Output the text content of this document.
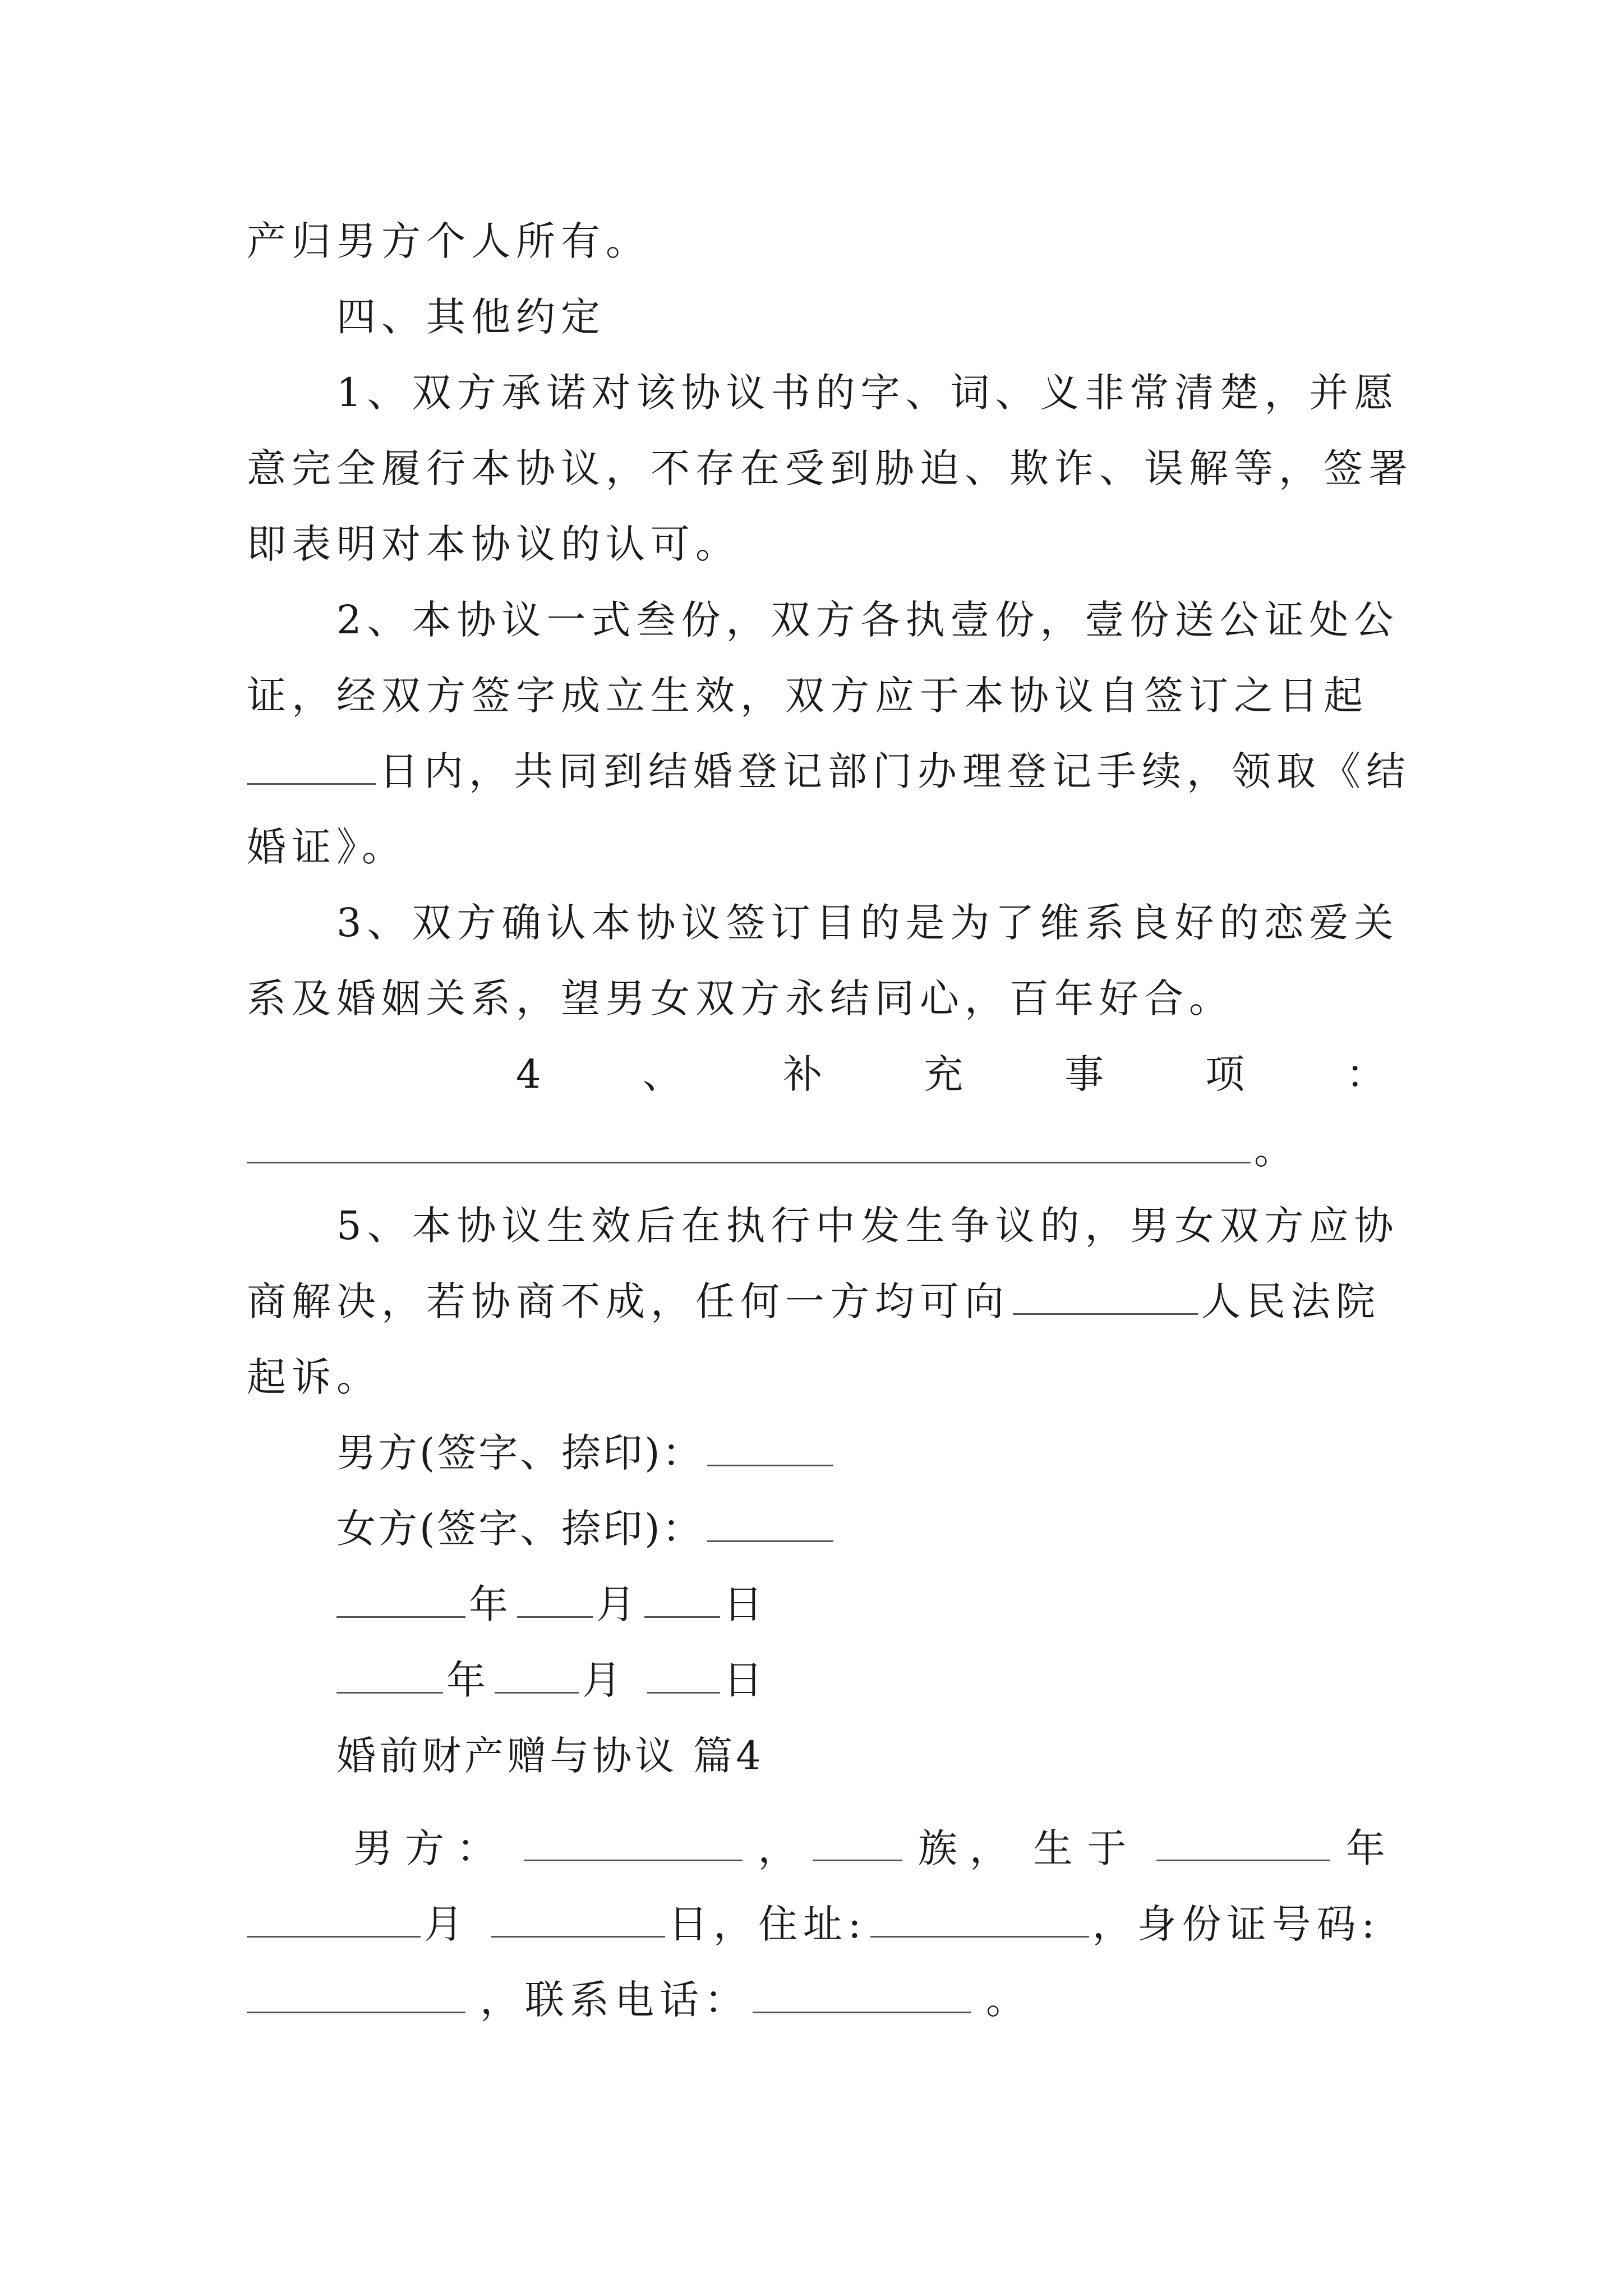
产归男方个人所有。
四、其他约定
1、双方承诺对该协议书的字、词、义非常清楚，并愿
意完全履行本协议，不存在受到胁迫、欺诈、误解等，签署
即表明对本协议的认可。
2、本协议一式叁份，双方各执壹份，壹份送公证处公
证，经双方签字成立生效，双方应于本协议自签订之日起
日内，共同到结婚登记部门办理登记手续，领取《结
婚证》。
3、双方确认本协议签订目的是为了维系良好的恋爱关
系及婚姻关系，望男女双方永结同心，百年好合。
4	、	补	充	事	项	：
。
5、本协议生效后在执行中发生争议的，男女双方应协
商解决，若协商不成，任何一方均可向	人民法院
起诉。
男方(签字、捺印)：
女方(签字、捺印)：
年 月 日
年 月 日
婚前财产赠与协议 篇4
男方：	，	族， 生于	年
月	日，住址:	，身份证号码:
，联系电话：	。
